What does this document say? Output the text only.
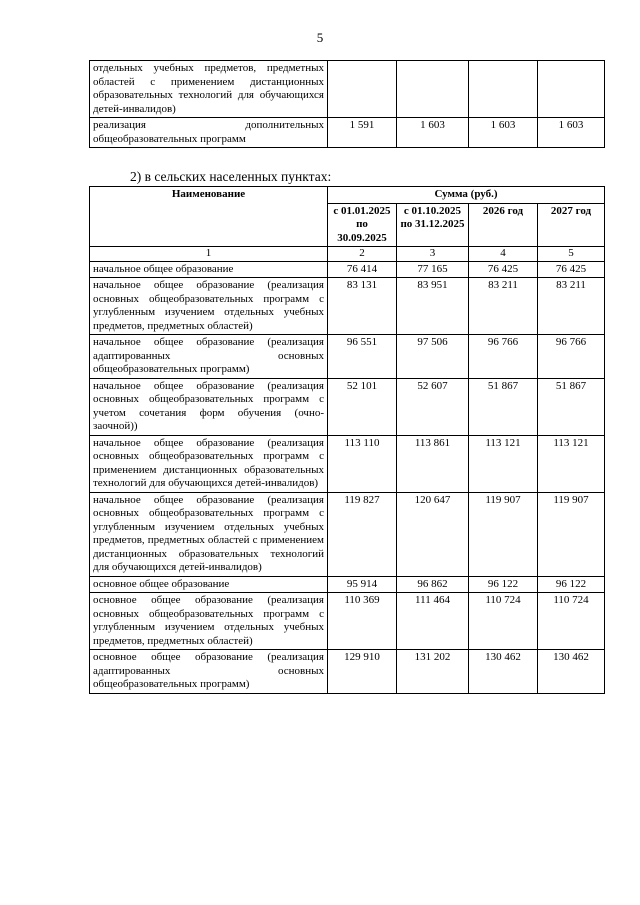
5
отдельных учебных предметов, предметных областей с применением дистанционных образовательных технологий для обучающихся детей-инвалидов)				
реализация дополнительных общеобразовательных программ	1 591	1 603	1 603	1 603
2) в сельских населенных пунктах:
Наименование	Сумма (руб.)			
	с 01.01.2025 по 30.09.2025	с 01.10.2025 по 31.12.2025	2026 год	2027 год
1	2	3	4	5
начальное общее образование	76 414	77 165	76 425	76 425
начальное общее образование (реализация основных общеобразовательных программ с углубленным изучением отдельных учебных предметов, предметных областей)	83 131	83 951	83 211	83 211
начальное общее образование (реализация адаптированных основных общеобразовательных программ)	96 551	97 506	96 766	96 766
начальное общее образование (реализация основных общеобразовательных программ с учетом сочетания форм обучения (очно-заочной))	52 101	52 607	51 867	51 867
начальное общее образование (реализация основных общеобразовательных программ с применением дистанционных образовательных технологий для обучающихся детей-инвалидов)	113 110	113 861	113 121	113 121
начальное общее образование (реализация основных общеобразовательных программ с углубленным изучением отдельных учебных предметов, предметных областей с применением дистанционных образовательных технологий для обучающихся детей-инвалидов)	119 827	120 647	119 907	119 907
основное общее образование	95 914	96 862	96 122	96 122
основное общее образование (реализация основных общеобразовательных программ с углубленным изучением отдельных учебных предметов, предметных областей)	110 369	111 464	110 724	110 724
основное общее образование (реализация адаптированных основных общеобразовательных программ)	129 910	131 202	130 462	130 462
